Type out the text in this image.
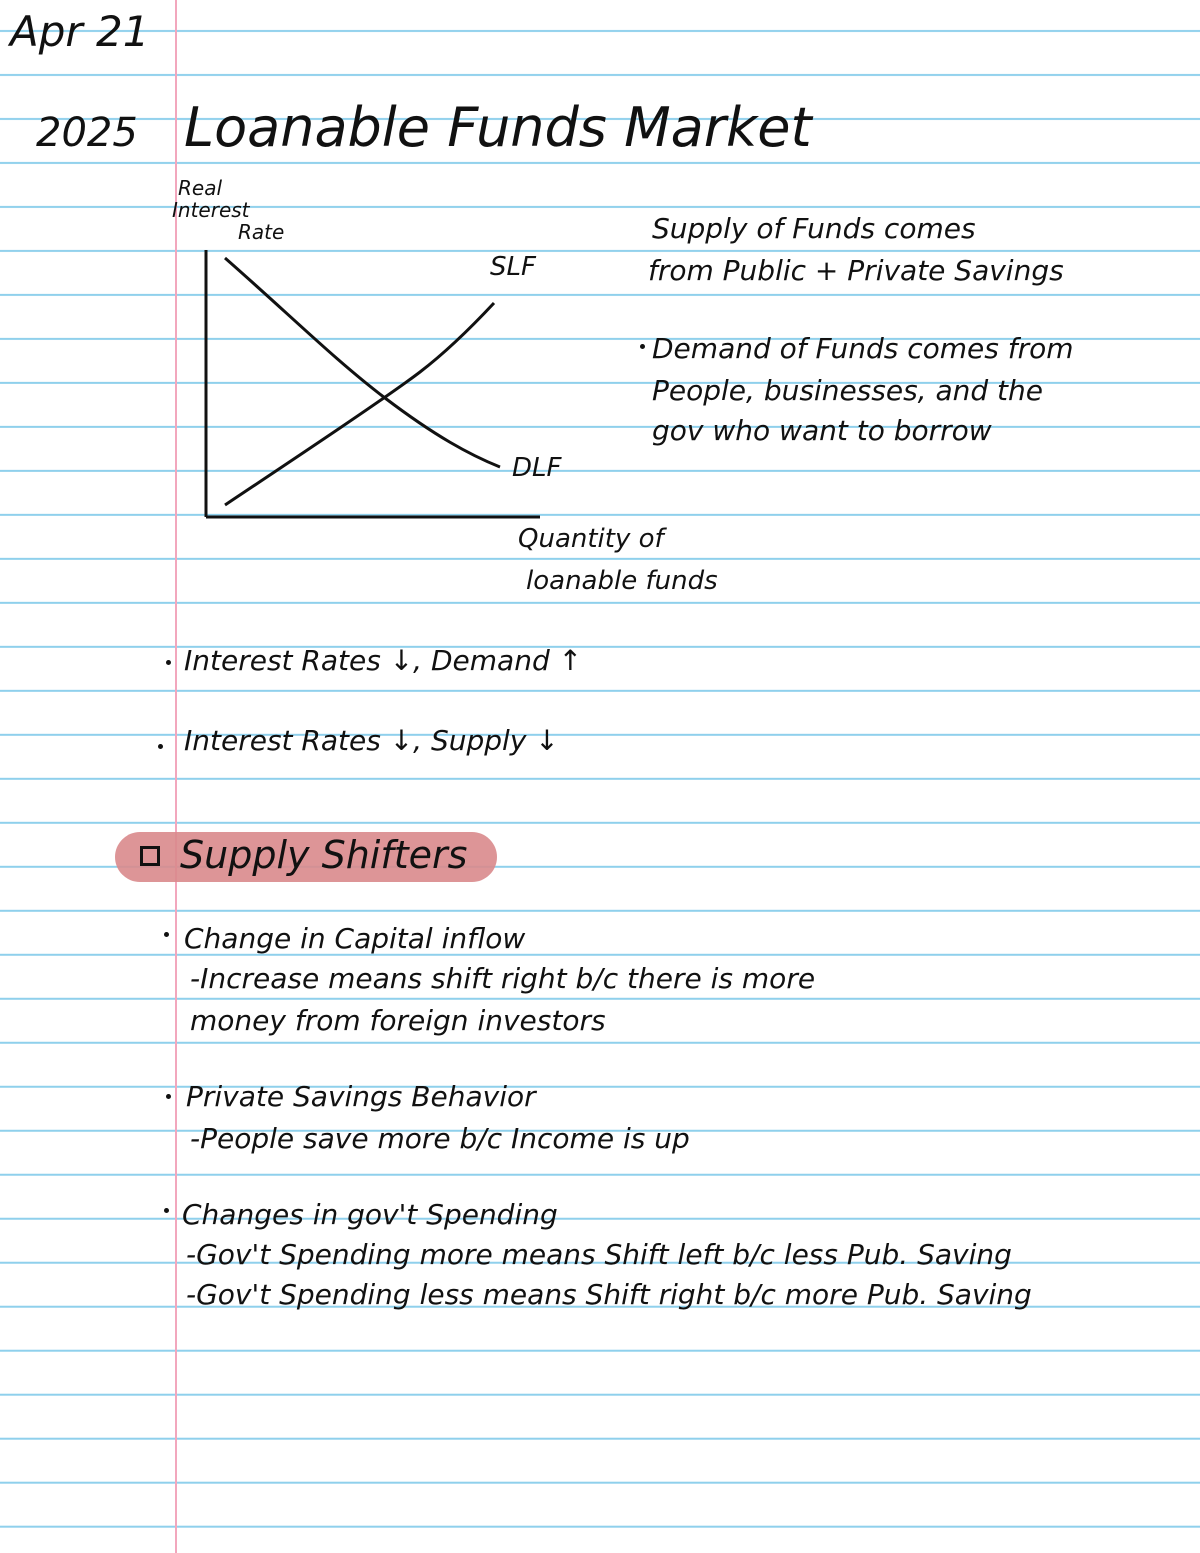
Apr 21
2025 Loanable Funds Market
Real
Interest
Rate
SLF
DLF
Quantity of
loanable funds
Supply of Funds comes
from Public + Private Savings
Demand of Funds comes from
People, businesses, and the
gov who want to borrow
Interest Rates ↓, Demand ↑
Interest Rates ↓, Supply ↓
Supply Shifters
Change in Capital inflow
-Increase means shift right b/c there is more
money from foreign investors
Private Savings Behavior
-People save more b/c Income is up
Changes in gov't Spending
-Gov't Spending more means Shift left b/c less Pub. Saving
-Gov't Spending less means Shift right b/c more Pub. Saving
